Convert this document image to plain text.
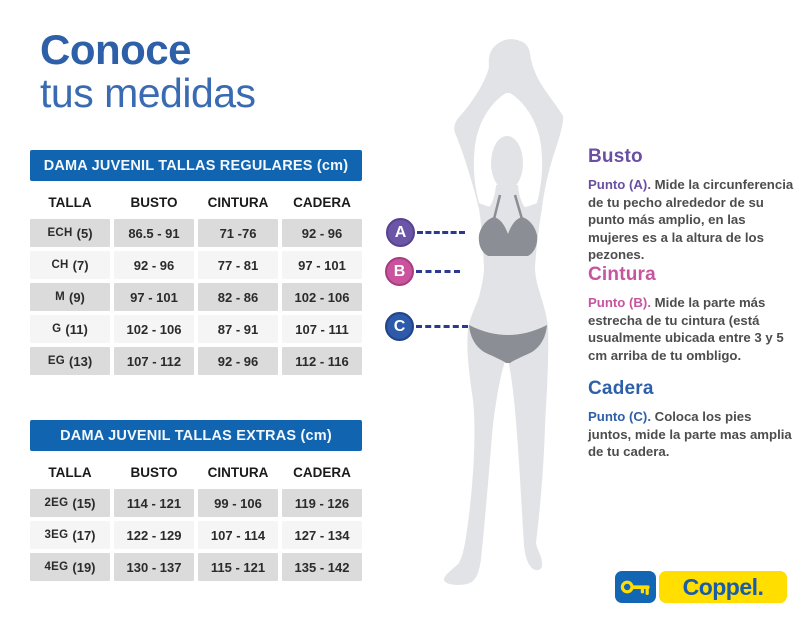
Conoce
tus medidas
DAMA JUVENIL TALLAS REGULARES (cm)
TALLA	BUSTO	CINTURA	CADERA
ECH (5)	86.5 - 91	71 -76	92 - 96
CH (7)	92 - 96	77 - 81	97 - 101
M (9)	97 - 101	82 - 86	102 - 106
G (11)	102 - 106	87 - 91	107 - 111
EG (13)	107 - 112	92 - 96	112 - 116
DAMA JUVENIL TALLAS EXTRAS (cm)
TALLA	BUSTO	CINTURA	CADERA
2EG (15)	114 - 121	99 - 106	119 - 126
3EG (17)	122 - 129	107 - 114	127 - 134
4EG (19)	130 - 137	115 - 121	135 - 142
A
B
C
Busto

Punto (A). Mide la circunferencia de tu pecho alrededor de su punto más amplio, en las mujeres es a la altura de los pezones.

Cintura

Punto (B). Mide la parte más estrecha de tu cintura (está usualmente ubicada entre 3 y 5 cm arriba de tu ombligo.

Cadera

Punto (C). Coloca los pies juntos, mide la parte mas amplia de tu cadera.

Coppel.
